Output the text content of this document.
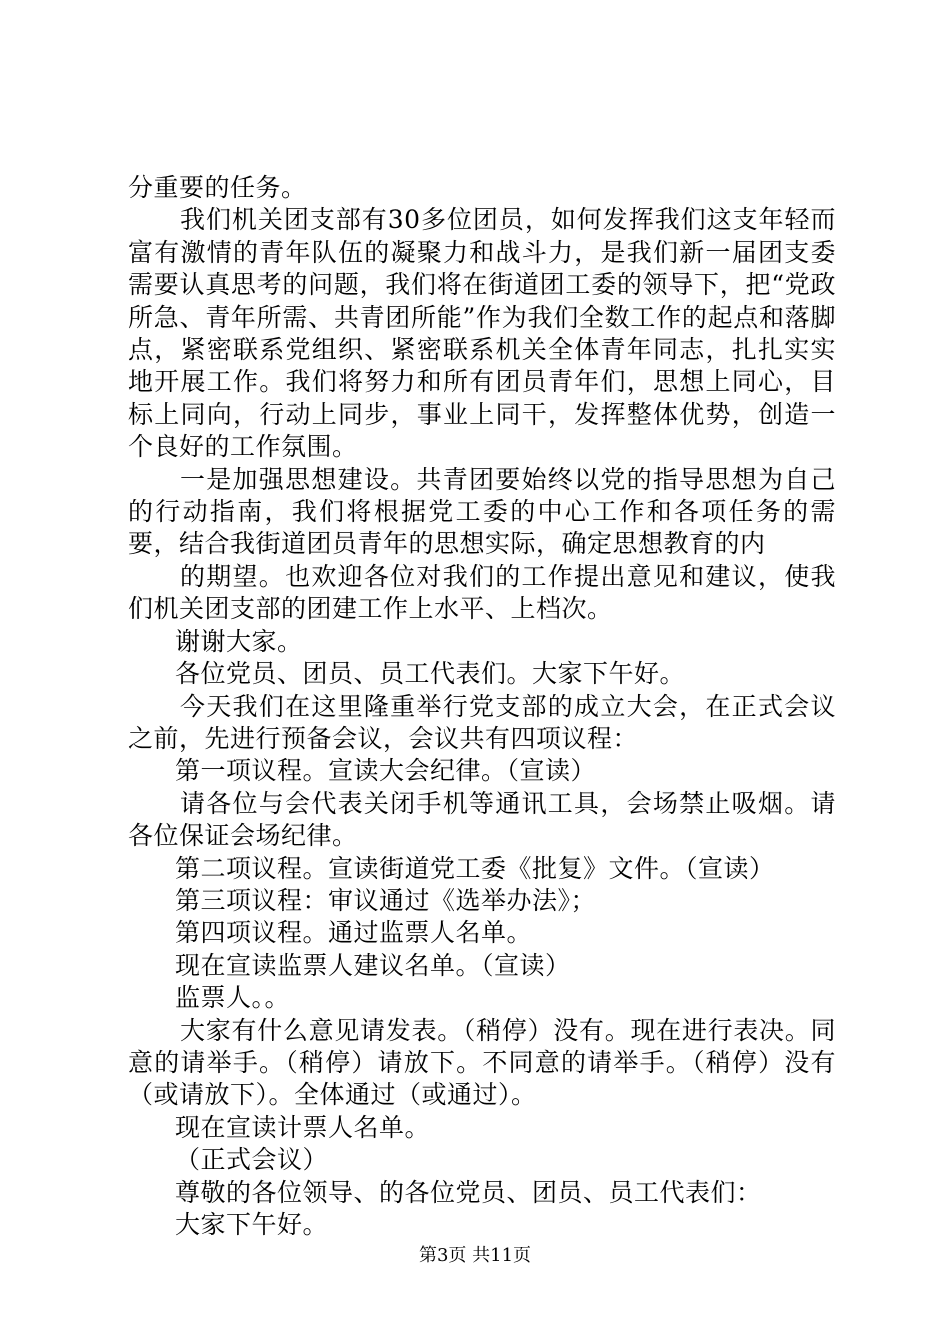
分重要的任务。

我们机关团支部有30多位团员，如何发挥我们这支年轻而富有激情的青年队伍的凝聚力和战斗力，是我们新一届团支委需要认真思考的问题，我们将在街道团工委的领导下，把“党政所急、青年所需、共青团所能”作为我们全数工作的起点和落脚点，紧密联系党组织、紧密联系机关全体青年同志，扎扎实实地开展工作。我们将努力和所有团员青年们，思想上同心，目标上同向，行动上同步，事业上同干，发挥整体优势，创造一个良好的工作氛围。

一是加强思想建设。共青团要始终以党的指导思想为自己的行动指南，我们将根据党工委的中心工作和各项任务的需要，结合我街道团员青年的思想实际，确定思想教育的内

的期望。也欢迎各位对我们的工作提出意见和建议，使我们机关团支部的团建工作上水平、上档次。

谢谢大家。

各位党员、团员、员工代表们。大家下午好。

今天我们在这里隆重举行党支部的成立大会，在正式会议之前，先进行预备会议，会议共有四项议程：

第一项议程。宣读大会纪律。（宣读）

请各位与会代表关闭手机等通讯工具，会场禁止吸烟。请各位保证会场纪律。

第二项议程。宣读街道党工委《批复》文件。（宣读）

第三项议程：审议通过《选举办法》；

第四项议程。通过监票人名单。

现在宣读监票人建议名单。（宣读）

监票人。。

大家有什么意见请发表。（稍停）没有。现在进行表决。同意的请举手。（稍停）请放下。不同意的请举手。（稍停）没有（或请放下）。全体通过（或通过）。

现在宣读计票人名单。

（正式会议）

尊敬的各位领导、的各位党员、团员、员工代表们：

大家下午好。

第3页 共11页
